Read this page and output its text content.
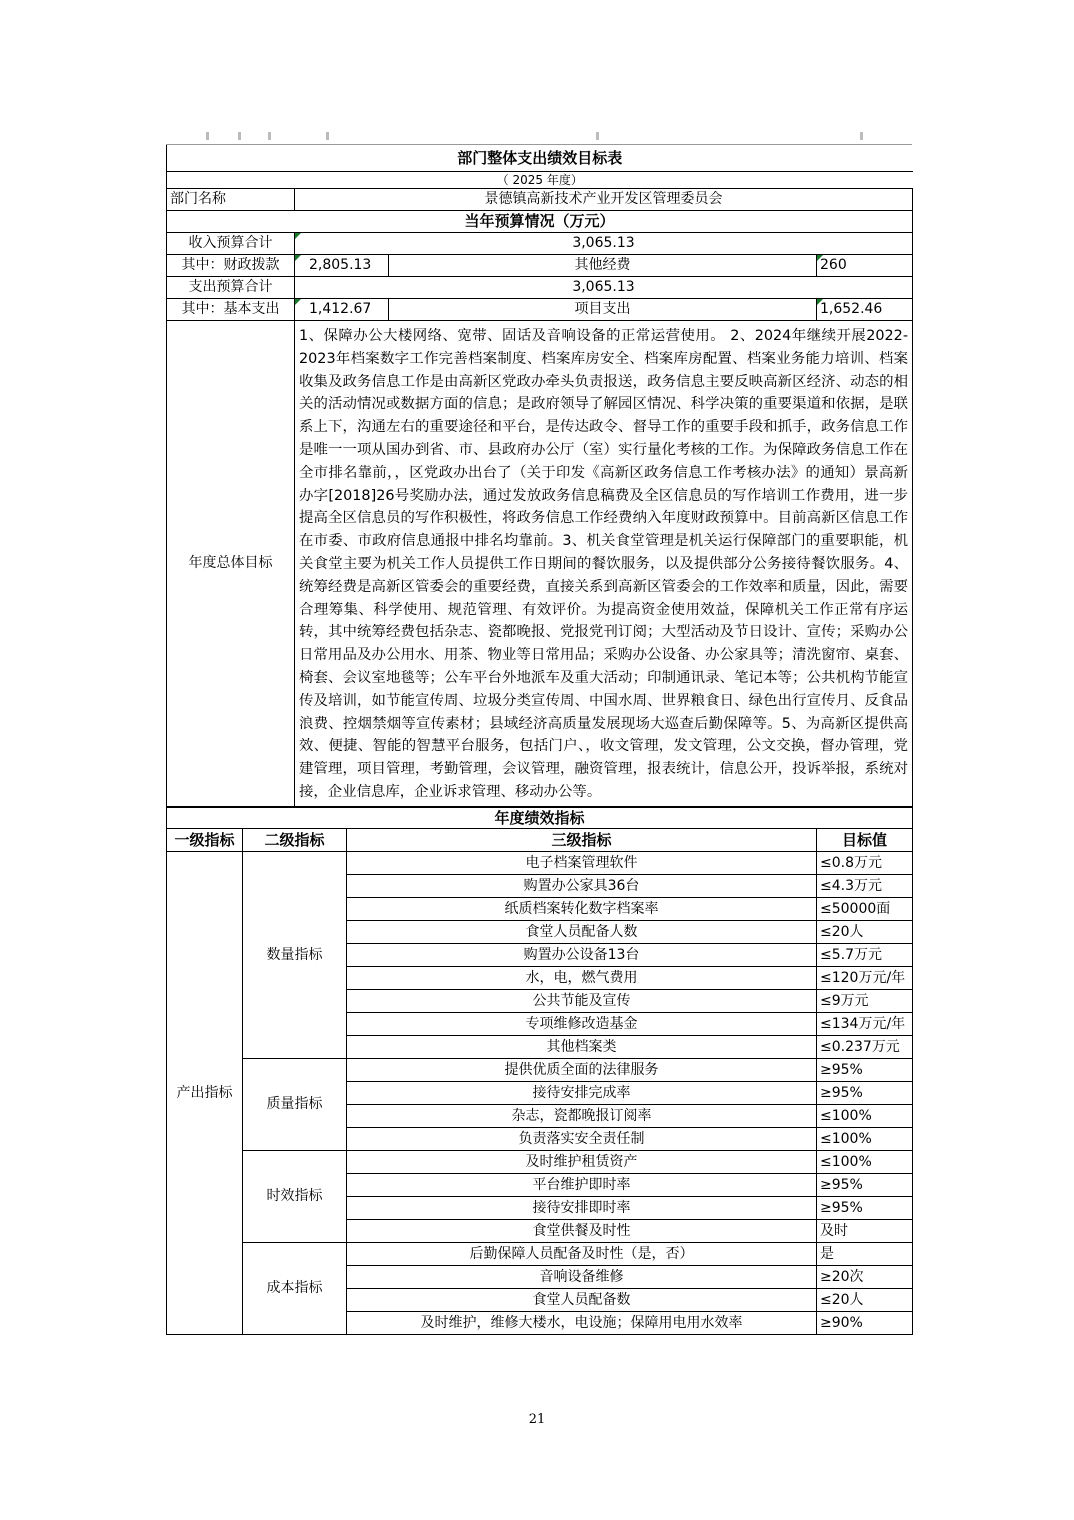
部门整体支出绩效目标表			
（ 2025 年度）			
部门名称	景德镇高新技术产业开发区管理委员会		
当年预算情况（万元）			
收入预算合计	3,065.13		
其中：财政拨款	2,805.13	其他经费	260
支出预算合计	3,065.13		
其中：基本支出	1,412.67	项目支出	1,652.46
年度总体目标	1、保障办公大楼网络、宽带、固话及音响设备的正常运营使用。 2、2024年继续开展2022-2023年档案数字工作完善档案制度、档案库房安全、档案库房配置、档案业务能力培训、档案收集及政务信息工作是由高新区党政办牵头负责报送，政务信息主要反映高新区经济、动态的相关的活动情况或数据方面的信息；是政府领导了解园区情况、科学决策的重要渠道和依据，是联系上下，沟通左右的重要途径和平台，是传达政令、督导工作的重要手段和抓手，政务信息工作是唯一一项从国办到省、市、县政府办公厅（室）实行量化考核的工作。为保障政务信息工作在全市排名靠前，，区党政办出台了（关于印发《高新区政务信息工作考核办法》的通知）景高新办字[2018]26号奖励办法，通过发放政务信息稿费及全区信息员的写作培训工作费用，进一步提高全区信息员的写作积极性，将政务信息工作经费纳入年度财政预算中。目前高新区信息工作在市委、市政府信息通报中排名均靠前。3、机关食堂管理是机关运行保障部门的重要职能，机关食堂主要为机关工作人员提供工作日期间的餐饮服务，以及提供部分公务接待餐饮服务。4、统筹经费是高新区管委会的重要经费，直接关系到高新区管委会的工作效率和质量，因此，需要合理筹集、科学使用、规范管理、有效评价。为提高资金使用效益，保障机关工作正常有序运转，其中统筹经费包括杂志、瓷都晚报、党报党刊订阅；大型活动及节日设计、宣传；采购办公日常用品及办公用水、用茶、物业等日常用品；采购办公设备、办公家具等；清洗窗帘、桌套、椅套、会议室地毯等；公车平台外地派车及重大活动；印制通讯录、笔记本等；公共机构节能宣传及培训，如节能宣传周、垃圾分类宣传周、中国水周、世界粮食日、绿色出行宣传月、反食品浪费、控烟禁烟等宣传素材；县域经济高质量发展现场大巡查后勤保障等。5、为高新区提供高效、便捷、智能的智慧平台服务，包括门户、，收文管理，发文管理，公文交换，督办管理，党建管理，项目管理，考勤管理，会议管理，融资管理，报表统计，信息公开，投诉举报，系统对接，企业信息库，企业诉求管理、移动办公等。		
年度绩效指标			
一级指标	二级指标	三级指标	目标值
产出指标	数量指标	电子档案管理软件	≤0.8万元
		购置办公家具36台	≤4.3万元
		纸质档案转化数字档案率	≤50000面
		食堂人员配备人数	≤20人
		购置办公设备13台	≤5.7万元
		水，电，燃气费用	≤120万元/年
		公共节能及宣传	≤9万元
		专项维修改造基金	≤134万元/年
		其他档案类	≤0.237万元
	质量指标	提供优质全面的法律服务	≥95%
		接待安排完成率	≥95%
		杂志，瓷都晚报订阅率	≤100%
		负责落实安全责任制	≤100%
	时效指标	及时维护租赁资产	≤100%
		平台维护即时率	≥95%
		接待安排即时率	≥95%
		食堂供餐及时性	及时
	成本指标	后勤保障人员配备及时性（是，否）	是
		音响设备维修	≥20次
		食堂人员配备数	≤20人
		及时维护，维修大楼水，电设施；保障用电用水效率	≥90%
21
